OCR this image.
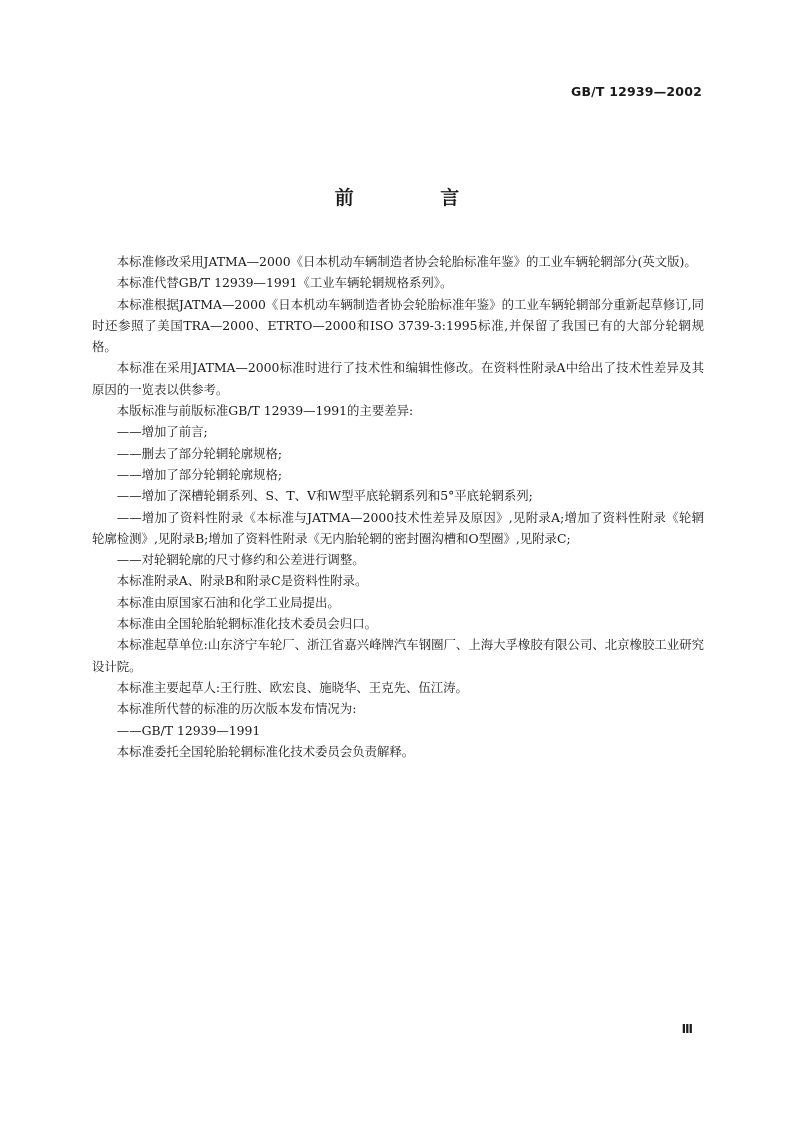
GB/T 12939—2002
前 言

本标准修改采用JATMA—2000《日本机动车辆制造者协会轮胎标准年鉴》的工业车辆轮辋部分(英文版)。

本标准代替GB/T 12939—1991《工业车辆轮辋规格系列》。

本标准根据JATMA—2000《日本机动车辆制造者协会轮胎标准年鉴》的工业车辆轮辋部分重新起草修订,同时还参照了美国TRA—2000、ETRTO—2000和ISO 3739-3:1995标准,并保留了我国已有的大部分轮辋规格。

本标准在采用JATMA—2000标准时进行了技术性和编辑性修改。在资料性附录A中给出了技术性差异及其原因的一览表以供参考。

本版标准与前版标准GB/T 12939—1991的主要差异:

——增加了前言;

——删去了部分轮辋轮廓规格;

——增加了部分轮辋轮廓规格;

——增加了深槽轮辋系列、S、T、V和W型平底轮辋系列和5°平底轮辋系列;

——增加了资料性附录《本标准与JATMA—2000技术性差异及原因》,见附录A;增加了资料性附录《轮辋轮廓检测》,见附录B;增加了资料性附录《无内胎轮辋的密封圈沟槽和O型圈》,见附录C;

——对轮辋轮廓的尺寸修约和公差进行调整。

本标准附录A、附录B和附录C是资料性附录。

本标准由原国家石油和化学工业局提出。

本标准由全国轮胎轮辋标准化技术委员会归口。

本标准起草单位:山东济宁车轮厂、浙江省嘉兴峰牌汽车钢圈厂、上海大孚橡胶有限公司、北京橡胶工业研究设计院。

本标准主要起草人:王行胜、欧宏良、施晓华、王克先、伍江涛。

本标准所代替的标准的历次版本发布情况为:

——GB/T 12939—1991

本标准委托全国轮胎轮辋标准化技术委员会负责解释。

Ⅲ
